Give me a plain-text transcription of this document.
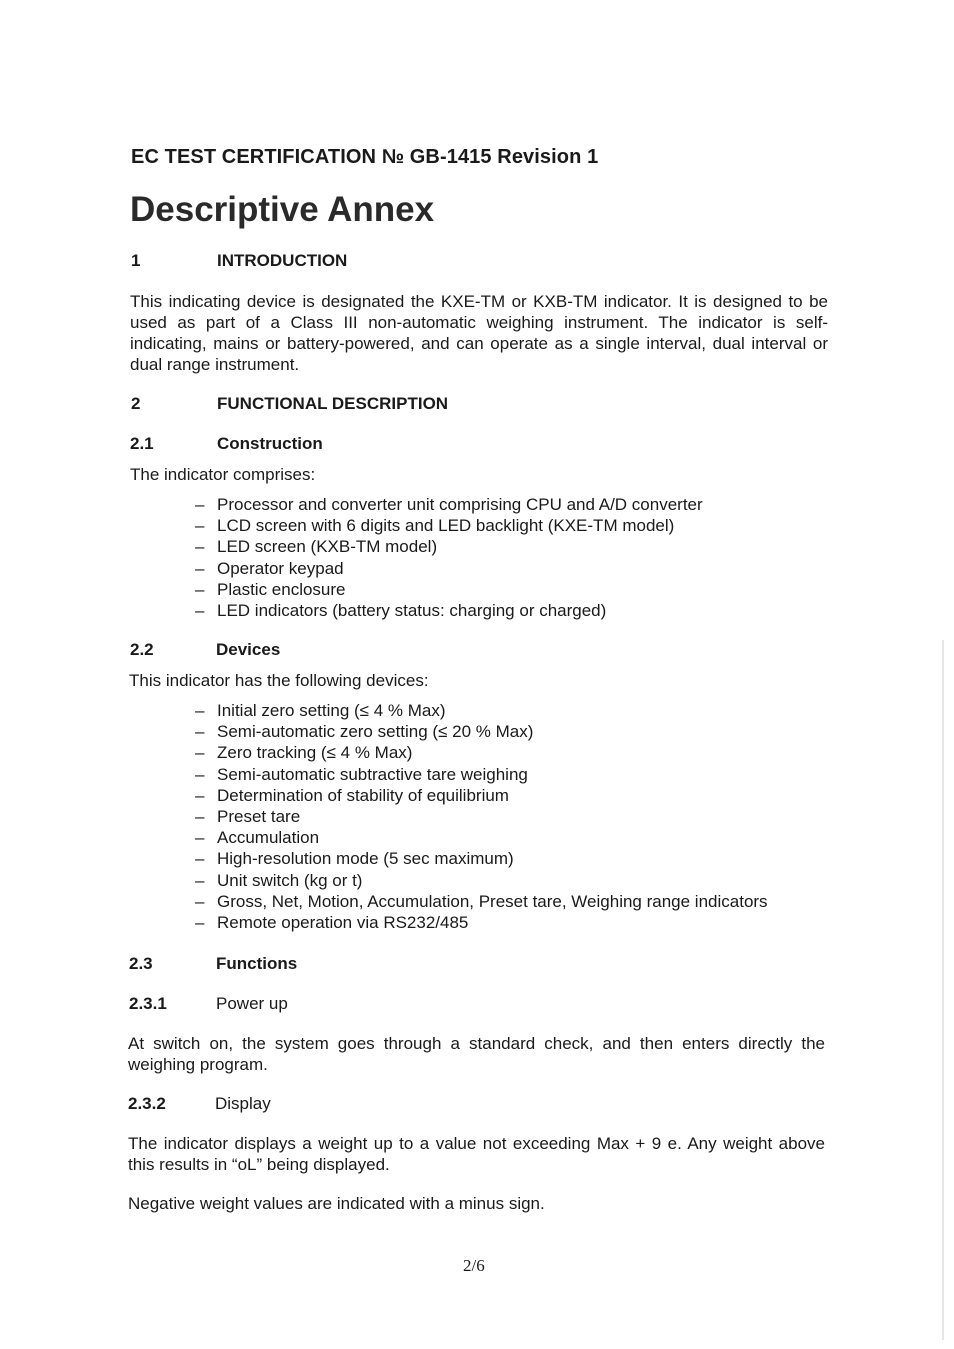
EC TEST CERTIFICATION № GB-1415 Revision 1
Descriptive Annex
1	INTRODUCTION
This indicating device is designated the KXE-TM or KXB-TM indicator. It is designed to be used as part of a Class III non-automatic weighing instrument. The indicator is self-indicating, mains or battery-powered, and can operate as a single interval, dual interval or dual range instrument.
2	FUNCTIONAL DESCRIPTION
2.1	Construction
The indicator comprises:
– Processor and converter unit comprising CPU and A/D converter
– LCD screen with 6 digits and LED backlight (KXE-TM model)
– LED screen (KXB-TM model)
– Operator keypad
– Plastic enclosure
– LED indicators (battery status: charging or charged)
2.2	Devices
This indicator has the following devices:
– Initial zero setting (≤ 4 % Max)
– Semi-automatic zero setting (≤ 20 % Max)
– Zero tracking (≤ 4 % Max)
– Semi-automatic subtractive tare weighing
– Determination of stability of equilibrium
– Preset tare
– Accumulation
– High-resolution mode (5 sec maximum)
– Unit switch (kg or t)
– Gross, Net, Motion, Accumulation, Preset tare, Weighing range indicators
– Remote operation via RS232/485
2.3	Functions
2.3.1	Power up
At switch on, the system goes through a standard check, and then enters directly the weighing program.
2.3.2	Display
The indicator displays a weight up to a value not exceeding Max + 9 e. Any weight above this results in “oL” being displayed.
Negative weight values are indicated with a minus sign.
2/6
